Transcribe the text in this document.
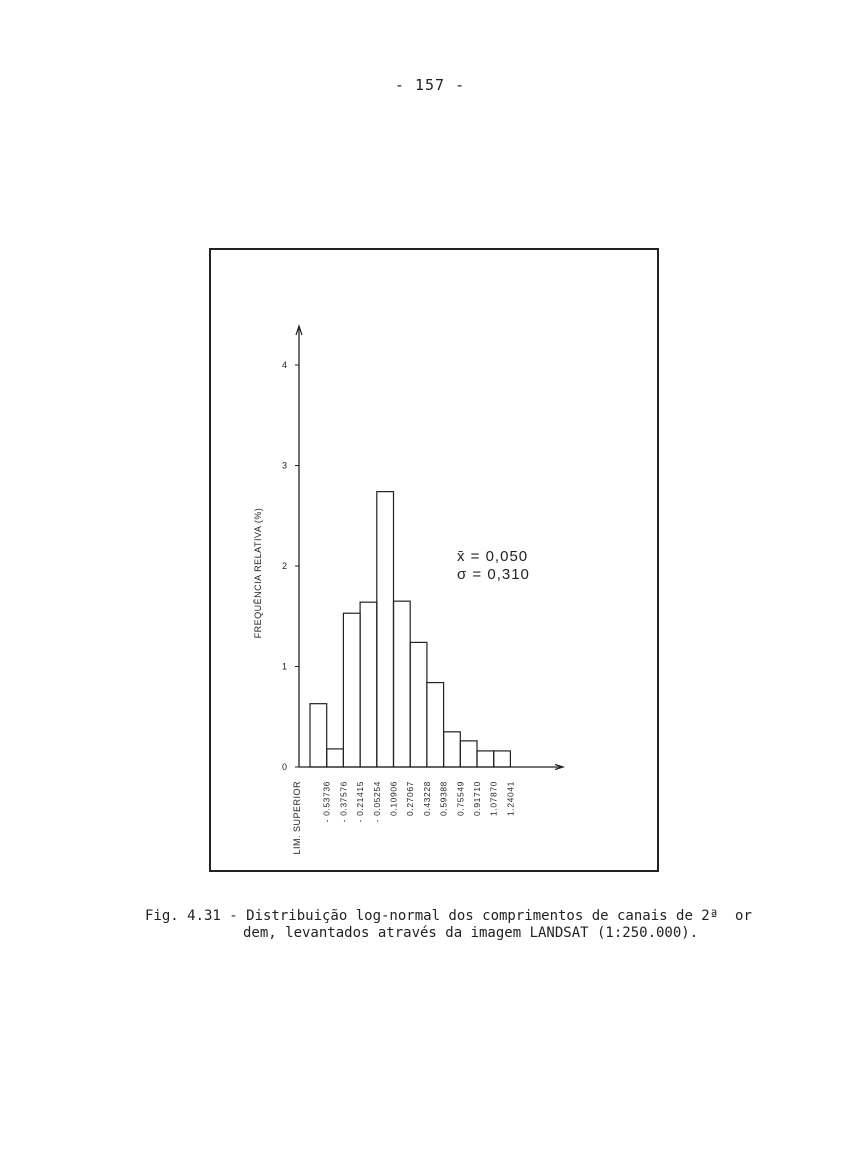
- 157 -
0
1
2
3
4
- 0.53736 - 0.37576 - 0.21415 - 0.05254 0.10906 0.27067 0.43228 0.59388 0.75549 0.91710 1.07870 1.24041
FREQUÊNCIA RELATIVA (%)
LIM. SUPERIOR
x̄ = 0,050
σ = 0,310
Fig. 4.31 - Distribuição log-normal dos comprimentos de canais de 2ª  or
dem, levantados através da imagem LANDSAT (1:250.000).
